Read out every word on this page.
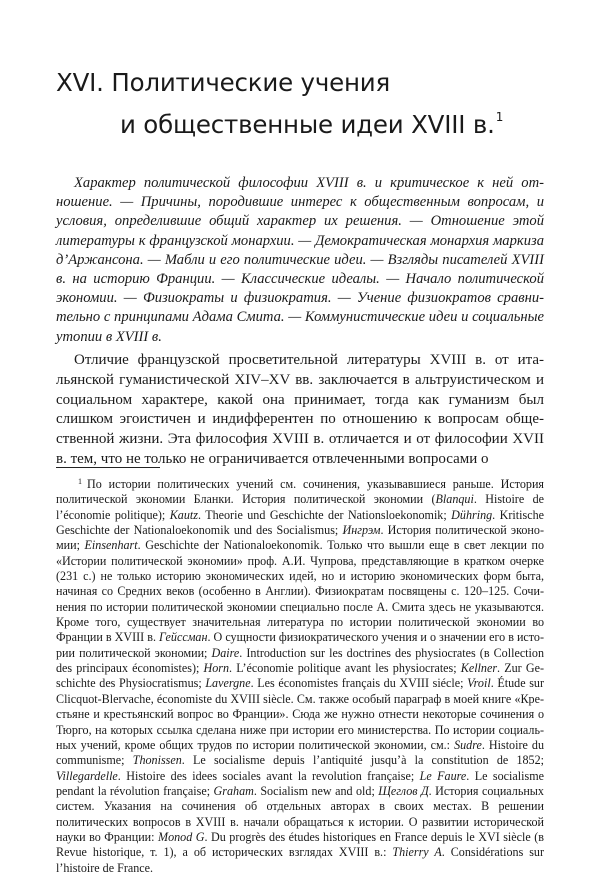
XVI. Политические учения
и общественные идеи XVIII в.$^1$

Характер политической философии XVIII в. и критическое к ней отношение. — Причины, породившие интерес к общественным вопросам, и условия, определившие общий характер их решения. — Отношение этой литературы к французской монархии. — Демократическая монархия маркиза д’Аржансона. — Мабли и его политические идеи. — Взгляды писателей XVIII в. на историю Франции. — Классические идеалы. — Начало политической экономии. — Физиократы и физиократия. — Учение физиократов сравнительно с принципами Адама Смита. — Коммунистические идеи и социальные утопии в XVIII в.

Отличие французской просветительной литературы XVIII в. от итальянской гуманистической XIV–XV вв. заключается в альтруистическом и социальном характере, какой она принимает, тогда как гуманизм был слишком эгоистичен и индифферентен по отношению к вопросам общественной жизни. Эта философия XVIII в. отличается и от философии XVII в. тем, что не только не ограничивается отвлеченными вопросами о

$^1$ По истории политических учений см. сочинения, указывавшиеся раньше. История политической экономии Бланки. История политической экономии (Blanqui. Histoire de l’économie politique); Kautz. Theorie und Geschichte der Nationsloekonomik; Dühring. Kritische Geschichte der Nationaloekonomik und des Socialismus; Ингрэм. История политической экономии; Einsenhart. Geschichte der Nationaloekonomik. Только что вышли еще в свет лекции по «Истории политической экономии» проф. А.И. Чупрова, представляющие в кратком очерке (231 с.) не только историю экономических идей, но и историю экономических форм быта, начиная со Средних веков (особенно в Англии). Физиократам посвящены с. 120–125. Сочинения по истории политической экономии специально после А. Смита здесь не указываются. Кроме того, существует значительная литература по истории политической экономии во Франции в XVIII в. Гейссман. О сущности физиократического учения и о значении его в истории политической экономии; Daire. Introduction sur les doctrines des physiocrates (в Collection des principaux économistes); Horn. L’économie politique avant les physiocrates; Kellner. Zur Geschichte des Physiocratismus; Lavergne. Les économistes français du XVIII siécle; Vroil. Étude sur Clicquot-Blervache, économiste du XVIII siècle. См. также особый параграф в моей книге «Крестьяне и крестьянский вопрос во Франции». Сюда же нужно отнести некоторые сочинения о Тюрго, на которых ссылка сделана ниже при истории его министерства. По истории социальных учений, кроме общих трудов по истории политической экономии, см.: Sudre. Histoire du communisme; Thonissen. Le socialisme depuis l’antiquité jusqu’à la constitution de 1852; Villegardelle. Histoire des idees sociales avant la revolution française; Le Faure. Le socialisme pendant la révolution française; Graham. Socialism new and old; Щеглов Д. История социальных систем. Указания на сочинения об отдельных авторах в своих местах. В решении политических вопросов в XVIII в. начали обращаться к истории. О развитии исторической науки во Франции: Monod G. Du progrès des études historiques en France depuis le XVI siècle (в Revue historique, т. 1), а об исторических взглядах XVIII в.: Thierry A. Considérations sur l’histoire de France.
